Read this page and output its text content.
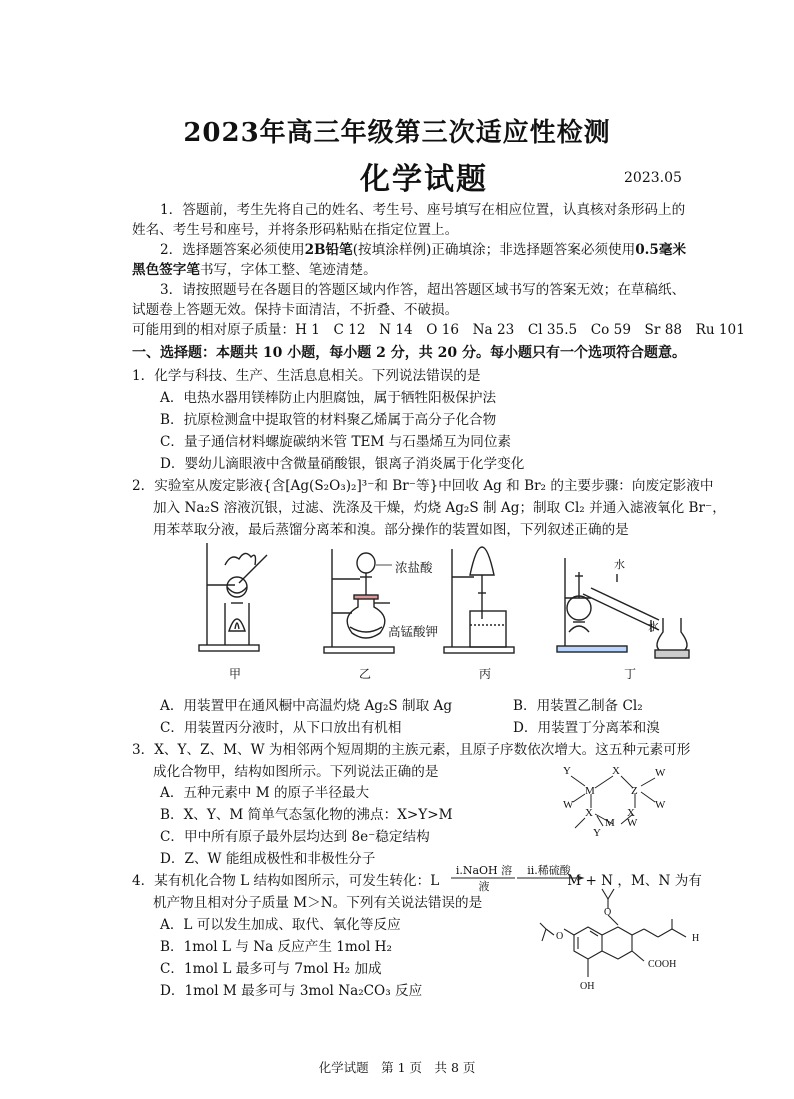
2023年高三年级第三次适应性检测
化学试题	2023.05
1．答题前，考生先将自己的姓名、考生号、座号填写在相应位置，认真核对条形码上的
姓名、考生号和座号，并将条形码粘贴在指定位置上。
2．选择题答案必须使用2B铅笔(按填涂样例)正确填涂；非选择题答案必须使用0.5毫米
黑色签字笔书写，字体工整、笔迹清楚。
3．请按照题号在各题目的答题区域内作答，超出答题区域书写的答案无效；在草稿纸、
试题卷上答题无效。保持卡面清洁，不折叠、不破损。
可能用到的相对原子质量：H 1　C 12　N 14　O 16　Na 23　Cl 35.5　Co 59　Sr 88　Ru 101
一、选择题：本题共 10 小题，每小题 2 分，共 20 分。每小题只有一个选项符合题意。
1．化学与科技、生产、生活息息相关。下列说法错误的是
A．电热水器用镁棒防止内胆腐蚀，属于牺牲阳极保护法
B．抗原检测盒中提取管的材料聚乙烯属于高分子化合物
C．量子通信材料螺旋碳纳米管 TEM 与石墨烯互为同位素
D．婴幼儿滴眼液中含微量硝酸银，银离子消炎属于化学变化
2．实验室从废定影液{含[Ag(S₂O₃)₂]³⁻和 Br⁻等}中回收 Ag 和 Br₂ 的主要步骤：向废定影液中
加入 Na₂S 溶液沉银，过滤、洗涤及干燥，灼烧 Ag₂S 制 Ag；制取 Cl₂ 并通入滤液氧化 Br⁻，
用苯萃取分液，最后蒸馏分离苯和溴。部分操作的装置如图，下列叙述正确的是
甲
浓盐酸
高锰酸钾
乙	丙
水
水
丁
A．用装置甲在通风橱中高温灼烧 Ag₂S 制取 Ag	B．用装置乙制备 Cl₂
C．用装置丙分液时，从下口放出有机相	D．用装置丁分离苯和溴
3．X、Y、Z、M、W 为相邻两个短周期的主族元素，且原子序数依次增大。这五种元素可形
成化合物甲，结构如图所示。下列说法正确的是
A．五种元素中 M 的原子半径最大
B．X、Y、M 简单气态氢化物的沸点：X>Y>M
C．甲中所有原子最外层均达到 8e⁻稳定结构
D．Z、W 能组成极性和非极性分子
Y
M
W
X
Z
W
W
X
X
M
Y
W
4．某有机化合物 L 结构如图所示，可发生转化：L	M + N ，M、N 为有
i.NaOH 溶液
ii.稀硫酸
机产物且相对分子质量 M＞N。下列有关说法错误的是
A．L 可以发生加成、取代、氧化等反应
B．1mol L 与 Na 反应产生 1mol H₂
C．1mol L 最多可与 7mol H₂ 加成
D．1mol M 最多可与 3mol Na₂CO₃ 反应
O
O	H
COOH
OH
化学试题　第 1 页　共 8 页
